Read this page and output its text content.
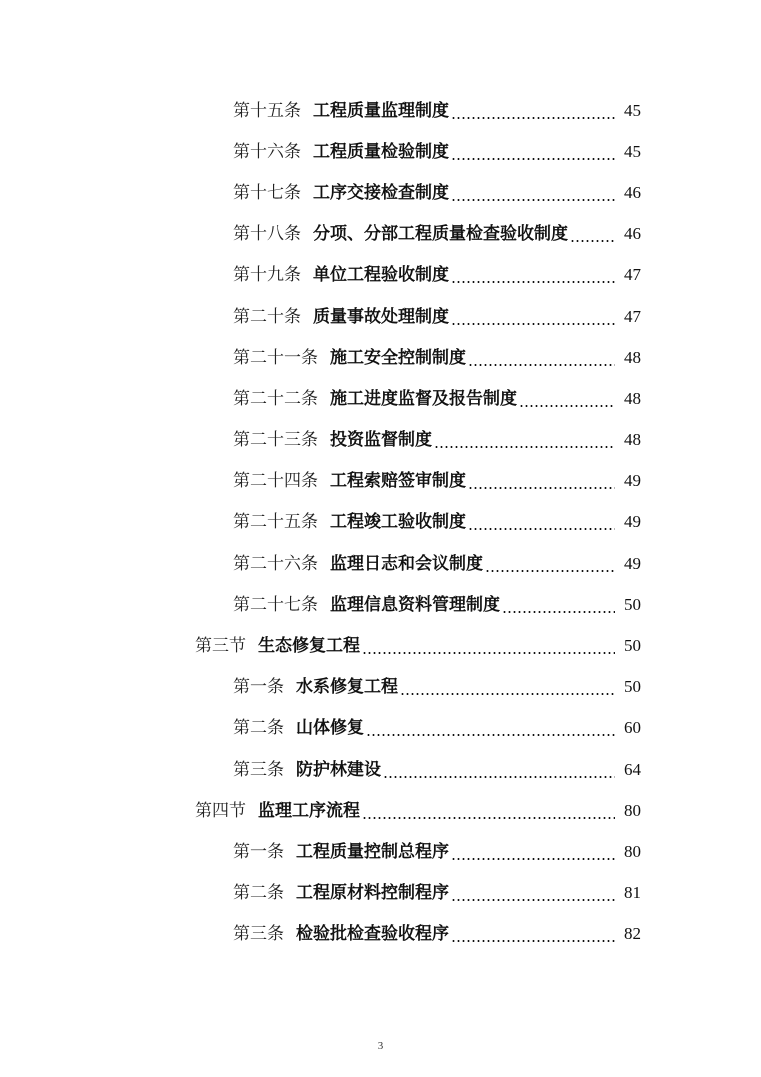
第十五条 工程质量监理制度	45
第十六条 工程质量检验制度	45
第十七条 工序交接检查制度	46
第十八条 分项、分部工程质量检查验收制度	46
第十九条 单位工程验收制度	47
第二十条 质量事故处理制度	47
第二十一条 施工安全控制制度	48
第二十二条 施工进度监督及报告制度	48
第二十三条 投资监督制度	48
第二十四条 工程索赔签审制度	49
第二十五条 工程竣工验收制度	49
第二十六条 监理日志和会议制度	49
第二十七条 监理信息资料管理制度	50
第三节 生态修复工程	50
第一条 水系修复工程	50
第二条 山体修复	60
第三条 防护林建设	64
第四节 监理工序流程	80
第一条 工程质量控制总程序	80
第二条 工程原材料控制程序	81
第三条 检验批检查验收程序	82
3
